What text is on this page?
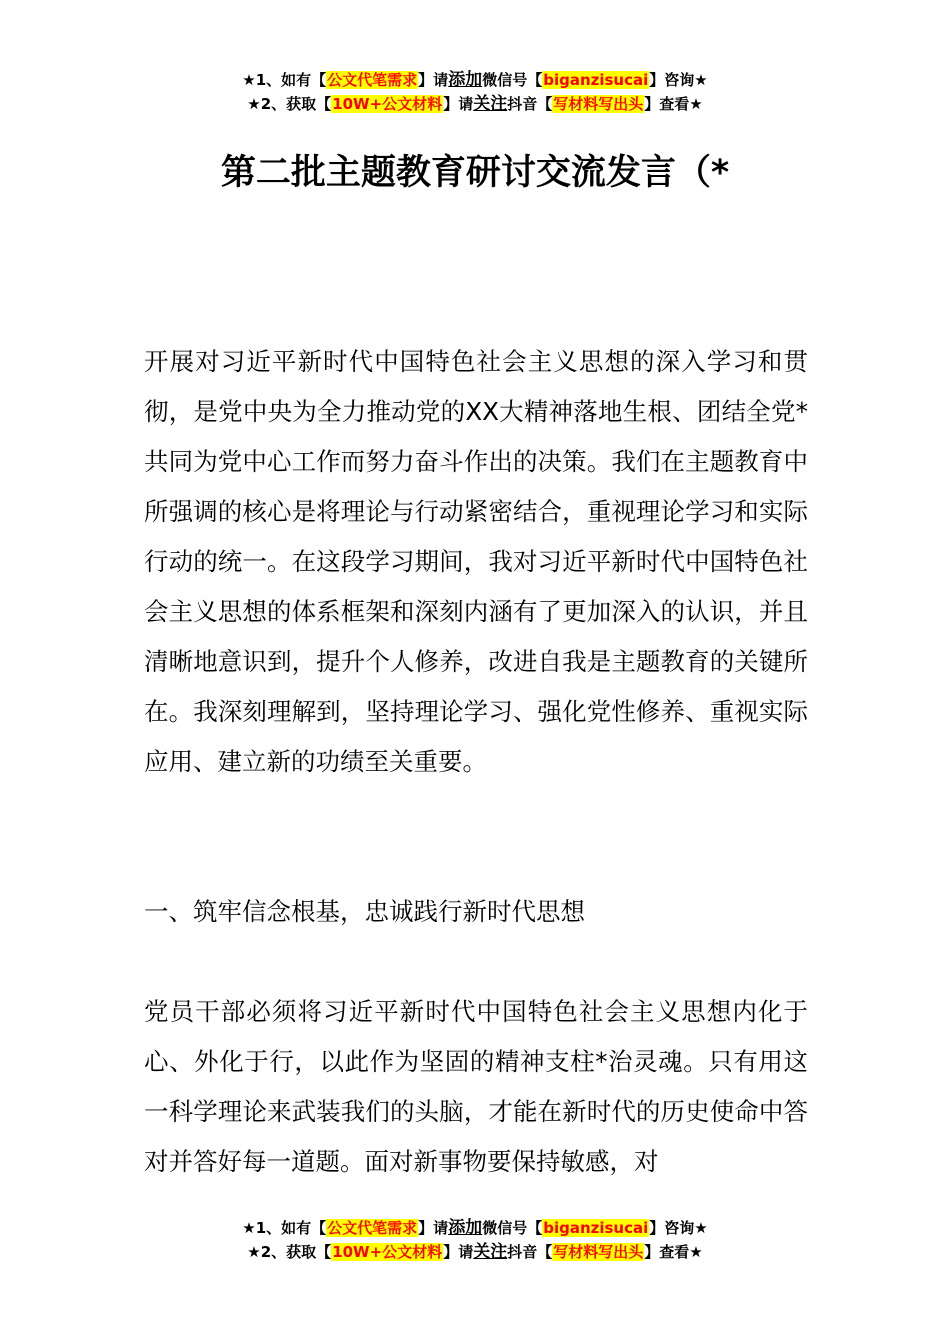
★1、如有【公文代笔需求】请添加微信号【biganzisucai】咨询★
★2、获取【10W+公文材料】请关注抖音【写材料写出头】查看★
第二批主题教育研讨交流发言（*
开展对习近平新时代中国特色社会主义思想的深入学习和贯彻，是党中央为全力推动党的XX大精神落地生根、团结全党*共同为党中心工作而努力奋斗作出的决策。我们在主题教育中所强调的核心是将理论与行动紧密结合，重视理论学习和实际行动的统一。在这段学习期间，我对习近平新时代中国特色社会主义思想的体系框架和深刻内涵有了更加深入的认识，并且清晰地意识到，提升个人修养，改进自我是主题教育的关键所在。我深刻理解到，坚持理论学习、强化党性修养、重视实际应用、建立新的功绩至关重要。
一、筑牢信念根基，忠诚践行新时代思想
党员干部必须将习近平新时代中国特色社会主义思想内化于心、外化于行，以此作为坚固的精神支柱*治灵魂。只有用这一科学理论来武装我们的头脑，才能在新时代的历史使命中答对并答好每一道题。面对新事物要保持敏感，对
★1、如有【公文代笔需求】请添加微信号【biganzisucai】咨询★
★2、获取【10W+公文材料】请关注抖音【写材料写出头】查看★
